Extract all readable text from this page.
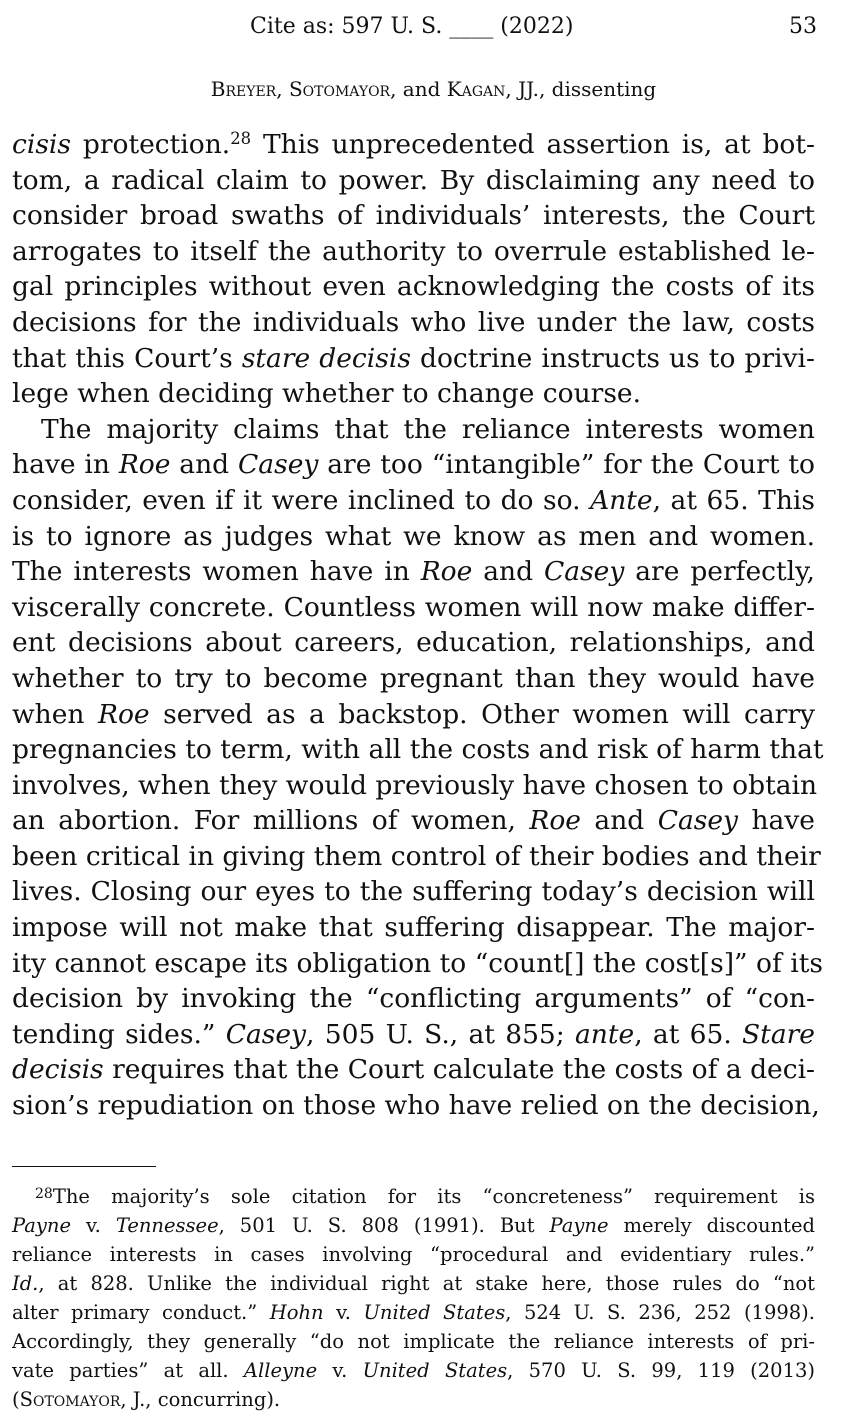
Cite as: 597 U. S. ____ (2022)	53
Breyer, Sotomayor, and Kagan, JJ., dissenting
cisis protection.$^{28}$ This unprecedented assertion is, at bot-
tom, a radical claim to power. By disclaiming any need to
consider broad swaths of individuals’ interests, the Court
arrogates to itself the authority to overrule established le-
gal principles without even acknowledging the costs of its
decisions for the individuals who live under the law, costs
that this Court’s stare decisis doctrine instructs us to privi-
lege when deciding whether to change course.
The majority claims that the reliance interests women
have in Roe and Casey are too “intangible” for the Court to
consider, even if it were inclined to do so. Ante, at 65. This
is to ignore as judges what we know as men and women.
The interests women have in Roe and Casey are perfectly,
viscerally concrete. Countless women will now make differ-
ent decisions about careers, education, relationships, and
whether to try to become pregnant than they would have
when Roe served as a backstop. Other women will carry
pregnancies to term, with all the costs and risk of harm that
involves, when they would previously have chosen to obtain
an abortion. For millions of women, Roe and Casey have
been critical in giving them control of their bodies and their
lives. Closing our eyes to the suffering today’s decision will
impose will not make that suffering disappear. The major-
ity cannot escape its obligation to “count[] the cost[s]” of its
decision by invoking the “conflicting arguments” of “con-
tending sides.” Casey, 505 U. S., at 855; ante, at 65. Stare
decisis requires that the Court calculate the costs of a deci-
sion’s repudiation on those who have relied on the decision,
$^{28}$The majority’s sole citation for its “concreteness” requirement is
Payne v. Tennessee, 501 U. S. 808 (1991). But Payne merely discounted
reliance interests in cases involving “procedural and evidentiary rules.”
Id., at 828. Unlike the individual right at stake here, those rules do “not
alter primary conduct.” Hohn v. United States, 524 U. S. 236, 252 (1998).
Accordingly, they generally “do not implicate the reliance interests of pri-
vate parties” at all. Alleyne v. United States, 570 U. S. 99, 119 (2013)
(Sotomayor, J., concurring).
